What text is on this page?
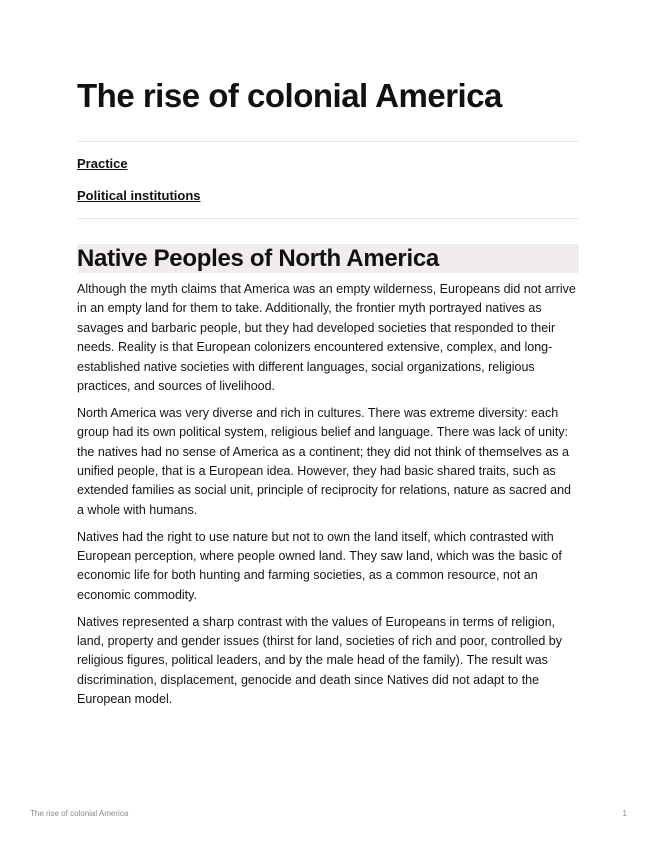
The rise of colonial America
Practice
Political institutions
Native Peoples of North America

Although the myth claims that America was an empty wilderness, Europeans did not arrive in an empty land for them to take. Additionally, the frontier myth portrayed natives as savages and barbaric people, but they had developed societies that responded to their needs. Reality is that European colonizers encountered extensive, complex, and long-established native societies with different languages, social organizations, religious practices, and sources of livelihood.

North America was very diverse and rich in cultures. There was extreme diversity: each group had its own political system, religious belief and language. There was lack of unity: the natives had no sense of America as a continent; they did not think of themselves as a unified people, that is a European idea. However, they had basic shared traits, such as extended families as social unit, principle of reciprocity for relations, nature as sacred and a whole with humans.

Natives had the right to use nature but not to own the land itself, which contrasted with European perception, where people owned land. They saw land, which was the basic of economic life for both hunting and farming societies, as a common resource, not an economic commodity.

Natives represented a sharp contrast with the values of Europeans in terms of religion, land, property and gender issues (thirst for land, societies of rich and poor, controlled by religious figures, political leaders, and by the male head of the family). The result was discrimination, displacement, genocide and death since Natives did not adapt to the European model.

The rise of colonial America	1
